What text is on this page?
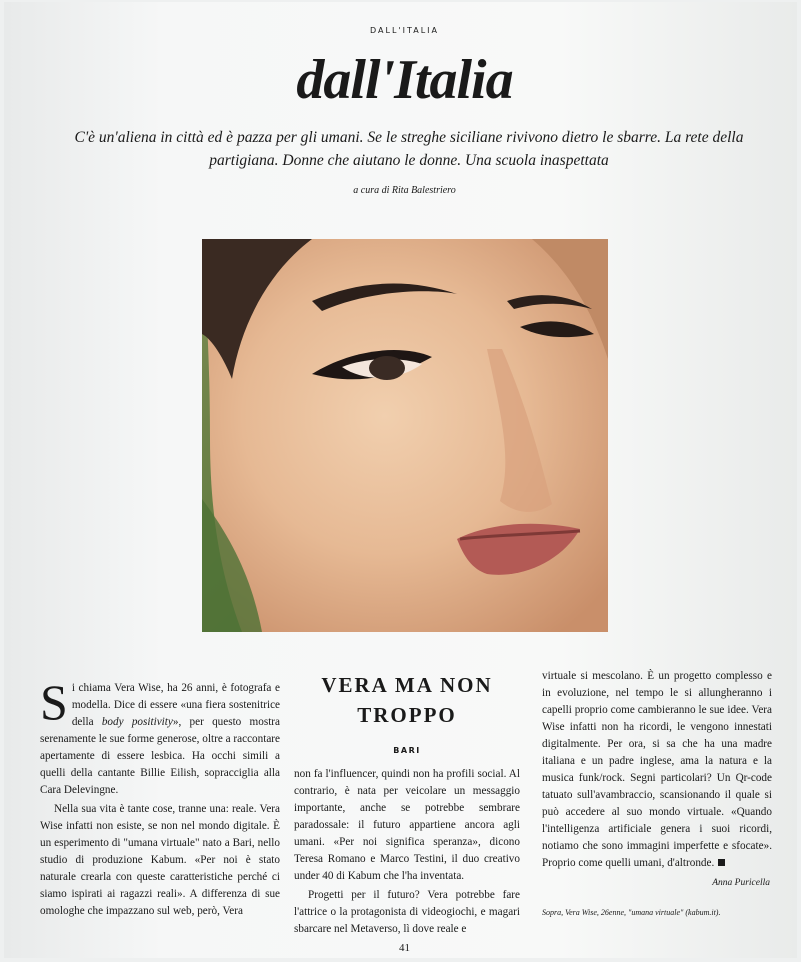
DALL'ITALIA
dall'Italia
C'è un'aliena in città ed è pazza per gli umani. Se le streghe siciliane rivivono dietro le sbarre. La rete della partigiana. Donne che aiutano le donne. Una scuola inaspettata
a cura di Rita Balestriero

Si chiama Vera Wise, ha 26 anni, è fotografa e modella. Dice di essere «una fiera sostenitrice della body positivity», per questo mostra serenamente le sue forme generose, oltre a raccontare apertamente di essere lesbica. Ha occhi simili a quelli della cantante Billie Eilish, sopracciglia alla Cara Delevingne.

Nella sua vita è tante cose, tranne una: reale. Vera Wise infatti non esiste, se non nel mondo digitale. È un esperimento di "umana virtuale" nato a Bari, nello studio di produzione Kabum. «Per noi è stato naturale crearla con queste caratteristiche perché ci siamo ispirati ai ragazzi reali». A differenza di sue omologhe che impazzano sul web, però, Vera

VERA MA NON TROPPO
BARI

non fa l'influencer, quindi non ha profili social. Al contrario, è nata per veicolare un messaggio importante, anche se potrebbe sembrare paradossale: il futuro appartiene ancora agli umani. «Per noi significa speranza», dicono Teresa Romano e Marco Testini, il duo creativo under 40 di Kabum che l'ha inventata.

Progetti per il futuro? Vera potrebbe fare l'attrice o la protagonista di videogiochi, e magari sbarcare nel Metaverso, lì dove reale e

virtuale si mescolano. È un progetto complesso e in evoluzione, nel tempo le si allungheranno i capelli proprio come cambieranno le sue idee. Vera Wise infatti non ha ricordi, le vengono innestati digitalmente. Per ora, si sa che ha una madre italiana e un padre inglese, ama la natura e la musica funk/rock. Segni particolari? Un Qr-code tatuato sull'avambraccio, scansionando il quale si può accedere al suo mondo virtuale. «Quando l'intelligenza artificiale genera i suoi ricordi, notiamo che sono immagini imperfette e sfocate». Proprio come quelli umani, d'altronde.

Anna Puricella
Sopra, Vera Wise, 26enne, "umana virtuale" (kabum.it).
41
